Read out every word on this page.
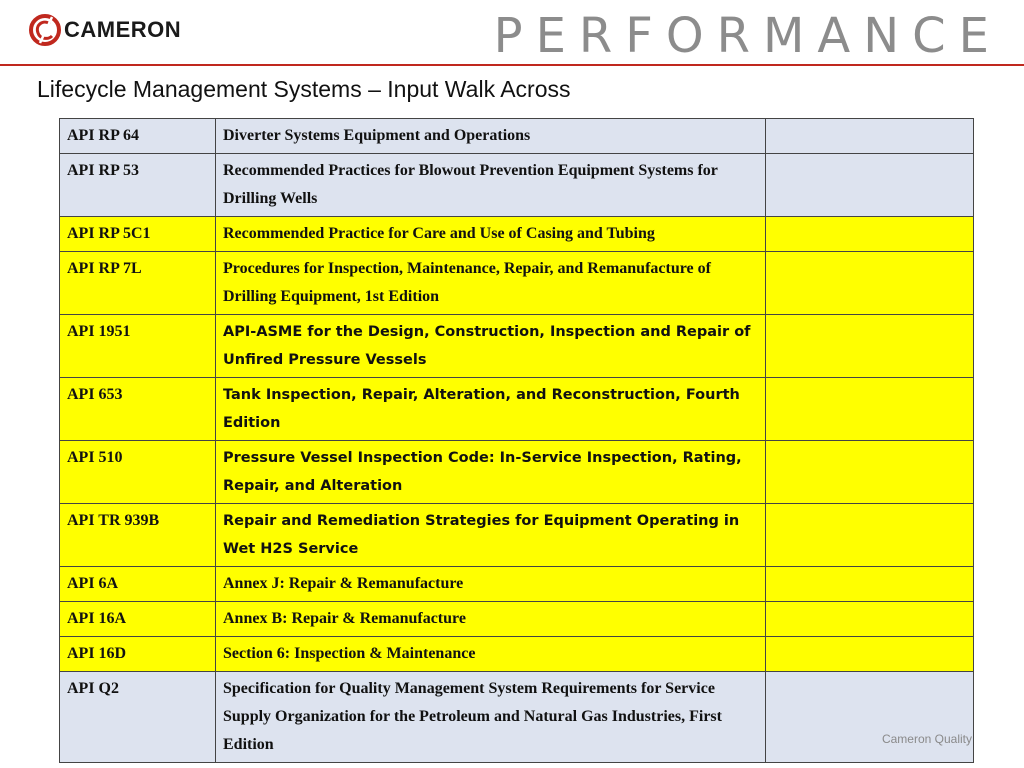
CAMERON	PERFORMANCE
Lifecycle Management Systems – Input Walk Across
API RP 64	Diverter Systems Equipment and Operations	
API RP 53	Recommended Practices for Blowout Prevention Equipment Systems for Drilling Wells	
API RP 5C1	Recommended Practice for Care and Use of Casing and Tubing	
API RP 7L	Procedures for Inspection, Maintenance, Repair, and Remanufacture of Drilling Equipment, 1st Edition	
API 1951	API-ASME for the Design, Construction, Inspection and Repair of Unfired Pressure Vessels	
API 653	Tank Inspection, Repair, Alteration, and Reconstruction, Fourth Edition	
API 510	Pressure Vessel Inspection Code: In-Service Inspection, Rating, Repair, and Alteration	
API TR 939B	Repair and Remediation Strategies for Equipment Operating in Wet H2S Service	
API 6A	Annex J: Repair & Remanufacture	
API 16A	Annex B: Repair & Remanufacture	
API 16D	Section 6: Inspection & Maintenance	
API Q2	Specification for Quality Management System Requirements for Service Supply Organization for the Petroleum and Natural Gas Industries, First Edition		Cameron Quality
